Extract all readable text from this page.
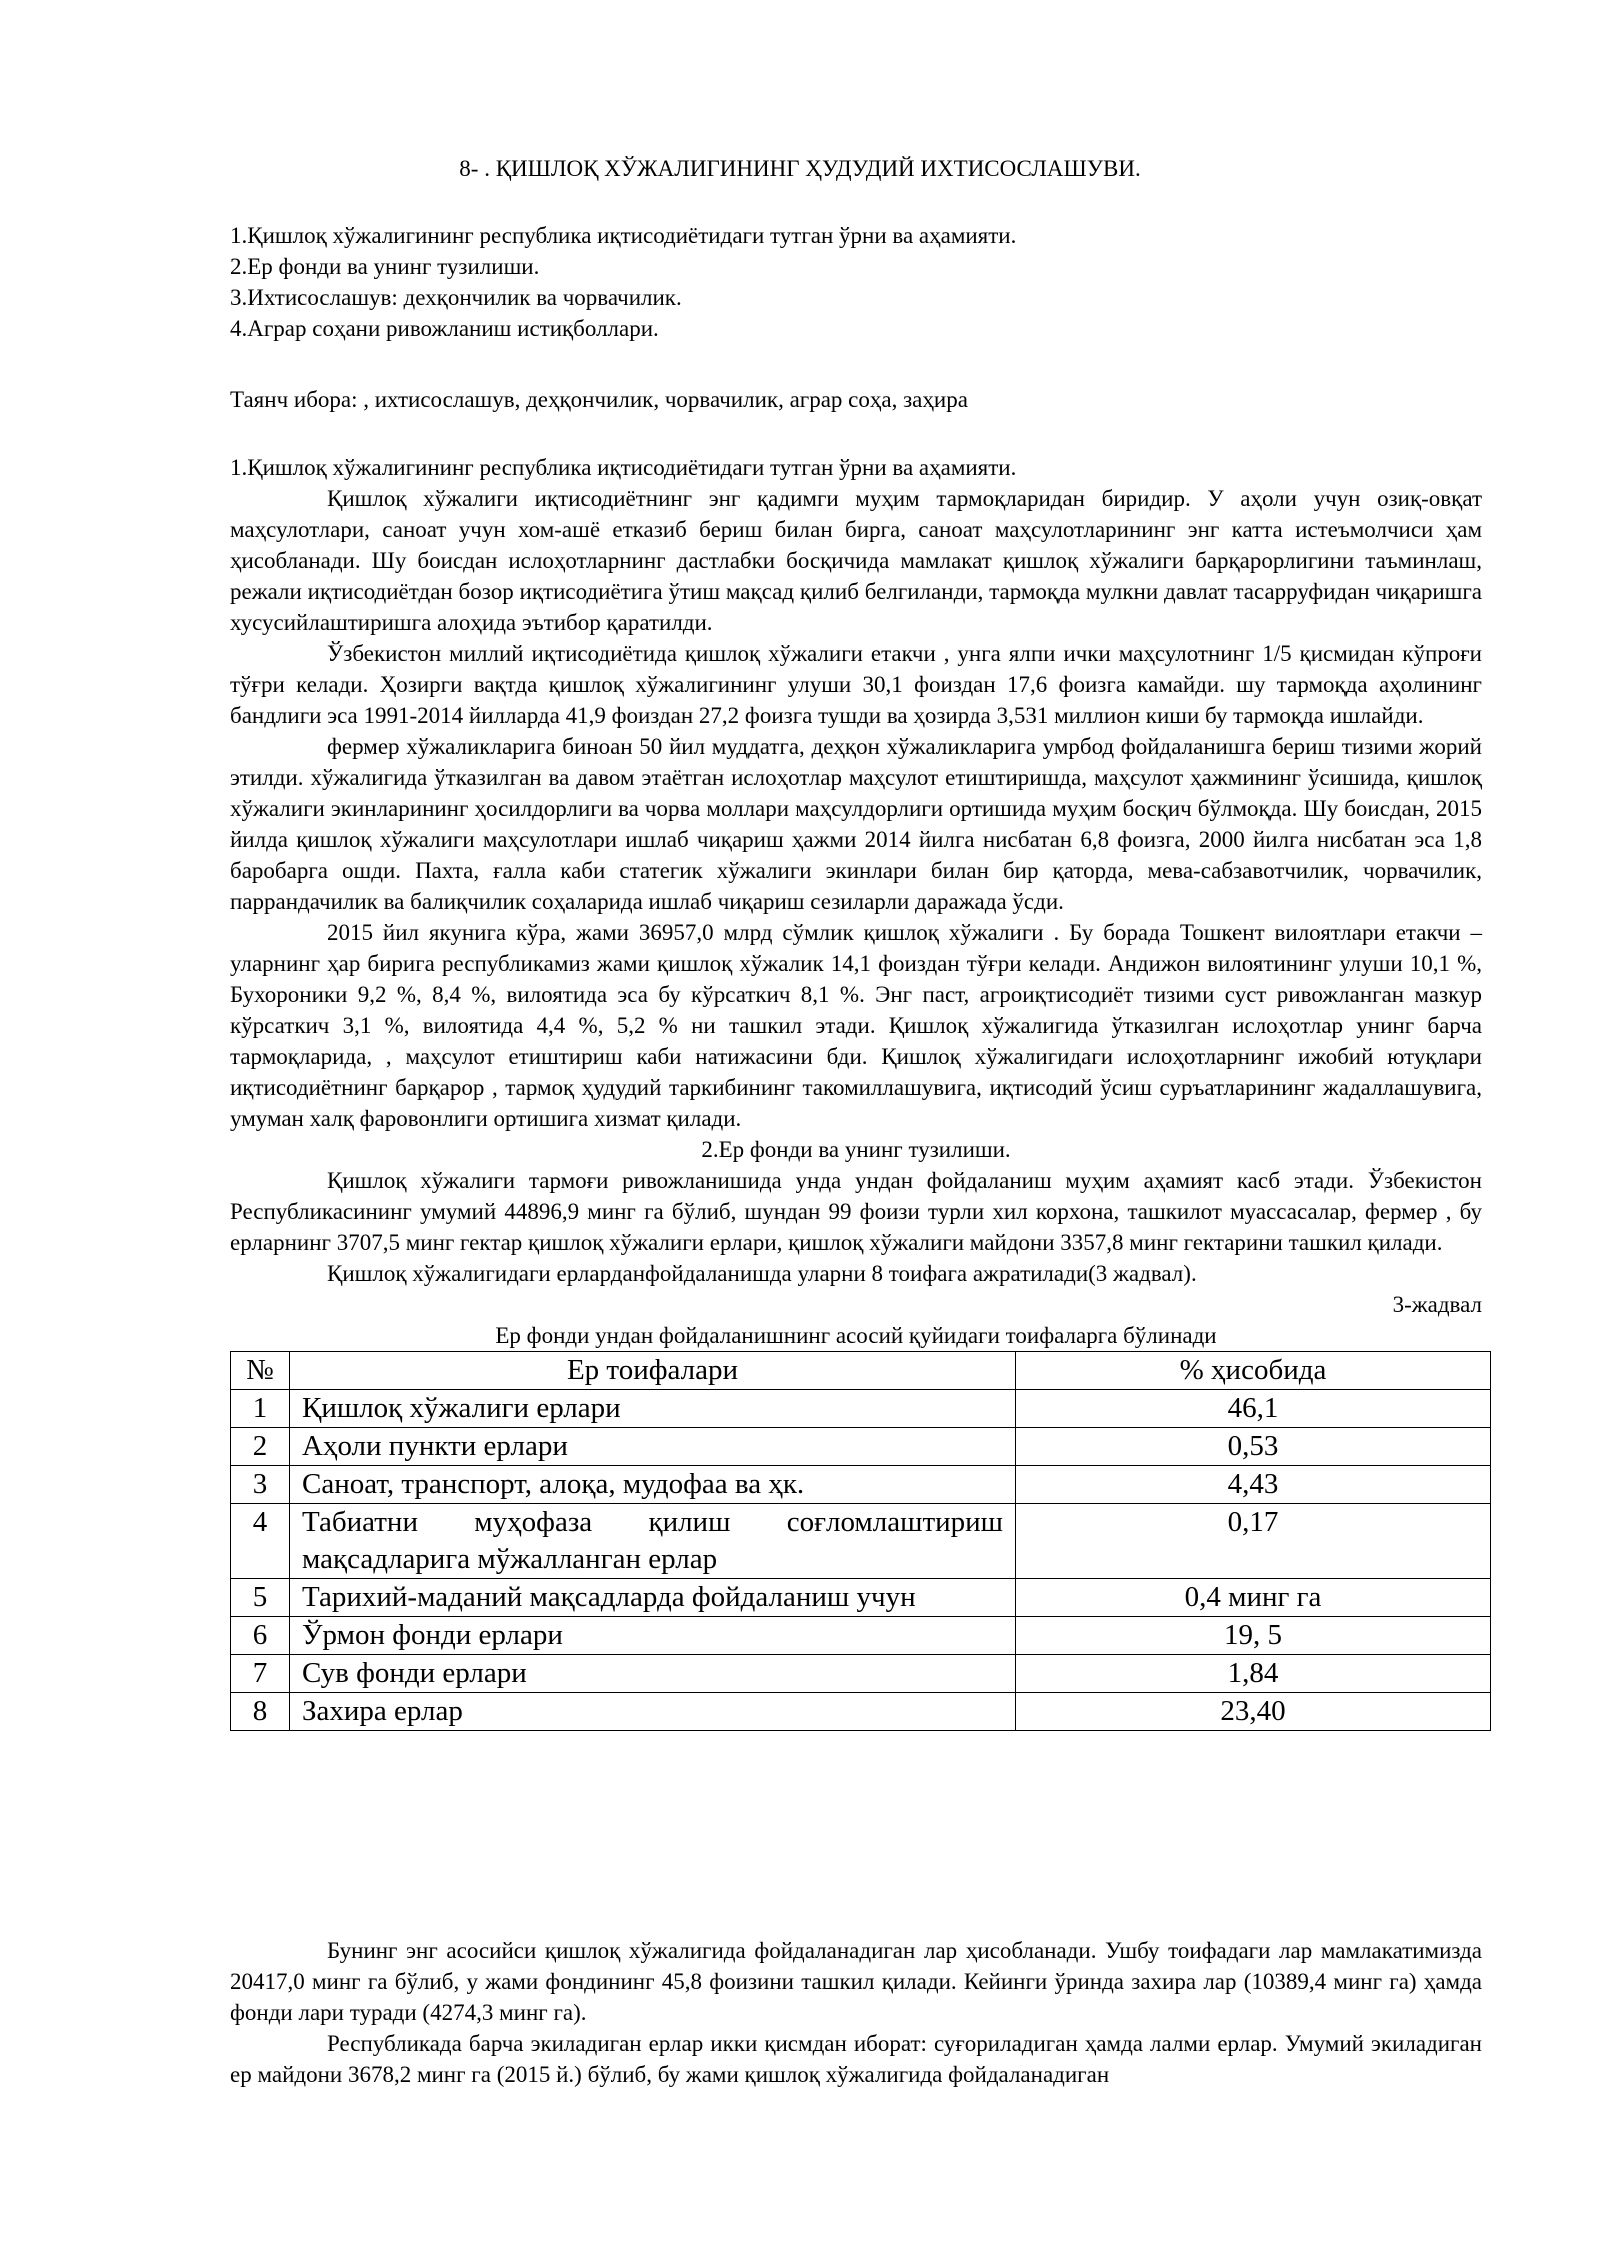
8- . ҚИШЛОҚ ХЎЖАЛИГИНИНГ ҲУДУДИЙ ИХТИСОСЛАШУВИ.
1.Қишлоқ хўжалигининг республика иқтисодиётидаги тутган ўрни ва аҳамияти.
2.Ер фонди ва унинг тузилиши.
3.Ихтисослашув: дехқончилик ва чорвачилик.
4.Аграр соҳани ривожланиш истиқболлари.
Таянч ибора: , ихтисослашув, деҳқончилик, чорвачилик, аграр соҳа, заҳира

1.Қишлоқ хўжалигининг республика иқтисодиётидаги тутган ўрни ва аҳамияти.

Қишлоқ хўжалиги иқтисодиётнинг энг қадимги муҳим тармоқларидан биридир. У аҳоли учун озиқ-овқат маҳсулотлари, саноат учун хом-ашё етказиб бериш билан бирга, саноат маҳсулотларининг энг катта истеъмолчиси ҳам ҳисобланади. Шу боисдан ислоҳотларнинг дастлабки босқичида мамлакат қишлоқ хўжалиги барқарорлигини таъминлаш, режали иқтисодиётдан бозор иқтисодиётига ўтиш мақсад қилиб белгиланди, тармоқда мулкни давлат тасарруфидан чиқаришга хусусийлаштиришга алоҳида эътибор қаратилди.

Ўзбекистон миллий иқтисодиётида қишлоқ хўжалиги етакчи , унга ялпи ички маҳсулотнинг 1/5 қисмидан кўпроғи тўғри келади. Ҳозирги вақтда қишлоқ хўжалигининг улуши 30,1 фоиздан 17,6 фоизга камайди. шу тармоқда аҳолининг бандлиги эса 1991-2014 йилларда 41,9 фоиздан 27,2 фоизга тушди ва ҳозирда 3,531 миллион киши бу тармоқда ишлайди.

фермер хўжаликларига биноан 50 йил муддатга, деҳқон хўжаликларига умрбод фойдаланишга бериш тизими жорий этилди. хўжалигида ўтказилган ва давом этаётган ислоҳотлар маҳсулот етиштиришда, маҳсулот ҳажмининг ўсишида, қишлоқ хўжалиги экинларининг ҳосилдорлиги ва чорва моллари маҳсулдорлиги ортишида муҳим босқич бўлмоқда. Шу боисдан, 2015 йилда қишлоқ хўжалиги маҳсулотлари ишлаб чиқариш ҳажми 2014 йилга нисбатан 6,8 фоизга, 2000 йилга нисбатан эса 1,8 баробарга ошди. Пахта, ғалла каби статегик хўжалиги экинлари билан бир қаторда, мева-сабзавотчилик, чорвачилик, паррандачилик ва балиқчилик соҳаларида ишлаб чиқариш сезиларли даражада ўсди.

2015 йил якунига кўра, жами 36957,0 млрд сўмлик қишлоқ хўжалиги . Бу борада Тошкент вилоятлари етакчи – уларнинг ҳар бирига республикамиз жами қишлоқ хўжалик 14,1 фоиздан тўғри келади. Андижон вилоятининг улуши 10,1 %, Бухороники 9,2 %, 8,4 %, вилоятида эса бу кўрсаткич 8,1 %. Энг паст, агроиқтисодиёт тизими суст ривожланган мазкур кўрсаткич 3,1 %, вилоятида 4,4 %, 5,2 % ни ташкил этади. Қишлоқ хўжалигида ўтказилган ислоҳотлар унинг барча тармоқларида, , маҳсулот етиштириш каби натижасини бди. Қишлоқ хўжалигидаги ислоҳотларнинг ижобий ютуқлари иқтисодиётнинг барқарор , тармоқ ҳудудий таркибининг такомиллашувига, иқтисодий ўсиш суръатларининг жадаллашувига, умуман халқ фаровонлиги ортишига хизмат қилади.

2.Ер фонди ва унинг тузилиши.

Қишлоқ хўжалиги тармоғи ривожланишида унда ундан фойдаланиш муҳим аҳамият касб этади. Ўзбекистон Республикасининг умумий 44896,9 минг га бўлиб, шундан 99 фоизи турли хил корхона, ташкилот муассасалар, фермер , бу ерларнинг 3707,5 минг гектар қишлоқ хўжалиги ерлари, қишлоқ хўжалиги майдони 3357,8 минг гектарини ташкил қилади.

Қишлоқ хўжалигидаги ерларданфойдаланишда уларни 8 тоифага ажратилади(3 жадвал).

3-жадвал

Ер фонди ундан фойдаланишнинг асосий қуйидаги тоифаларга бўлинади

№	Ер тоифалари	% ҳисобида
1	Қишлоқ хўжалиги ерлари	46,1
2	Аҳоли пункти ерлари	0,53
3	Саноат, транспорт, алоқа, мудофаа ва ҳк.	4,43
4	Табиатни муҳофаза қилиш соғломлаштириш мақсадларига мўжалланган ерлар	0,17
5	Тарихий-маданий мақсадларда фойдаланиш учун	0,4 минг га
6	Ўрмон фонди ерлари	19, 5
7	Сув фонди ерлари	1,84
8	Захира ерлар	23,40

Бунинг энг асосийси қишлоқ хўжалигида фойдаланадиган лар ҳисобланади. Ушбу тоифадаги лар мамлакатимизда 20417,0 минг га бўлиб, у жами фондининг 45,8 фоизини ташкил қилади. Кейинги ўринда захира лар (10389,4 минг га) ҳамда фонди лари туради (4274,3 минг га).

Республикада барча экиладиган ерлар икки қисмдан иборат: суғориладиган ҳамда лалми ерлар. Умумий экиладиган ер майдони 3678,2 минг га (2015 й.) бўлиб, бу жами қишлоқ хўжалигида фойдаланадиган
